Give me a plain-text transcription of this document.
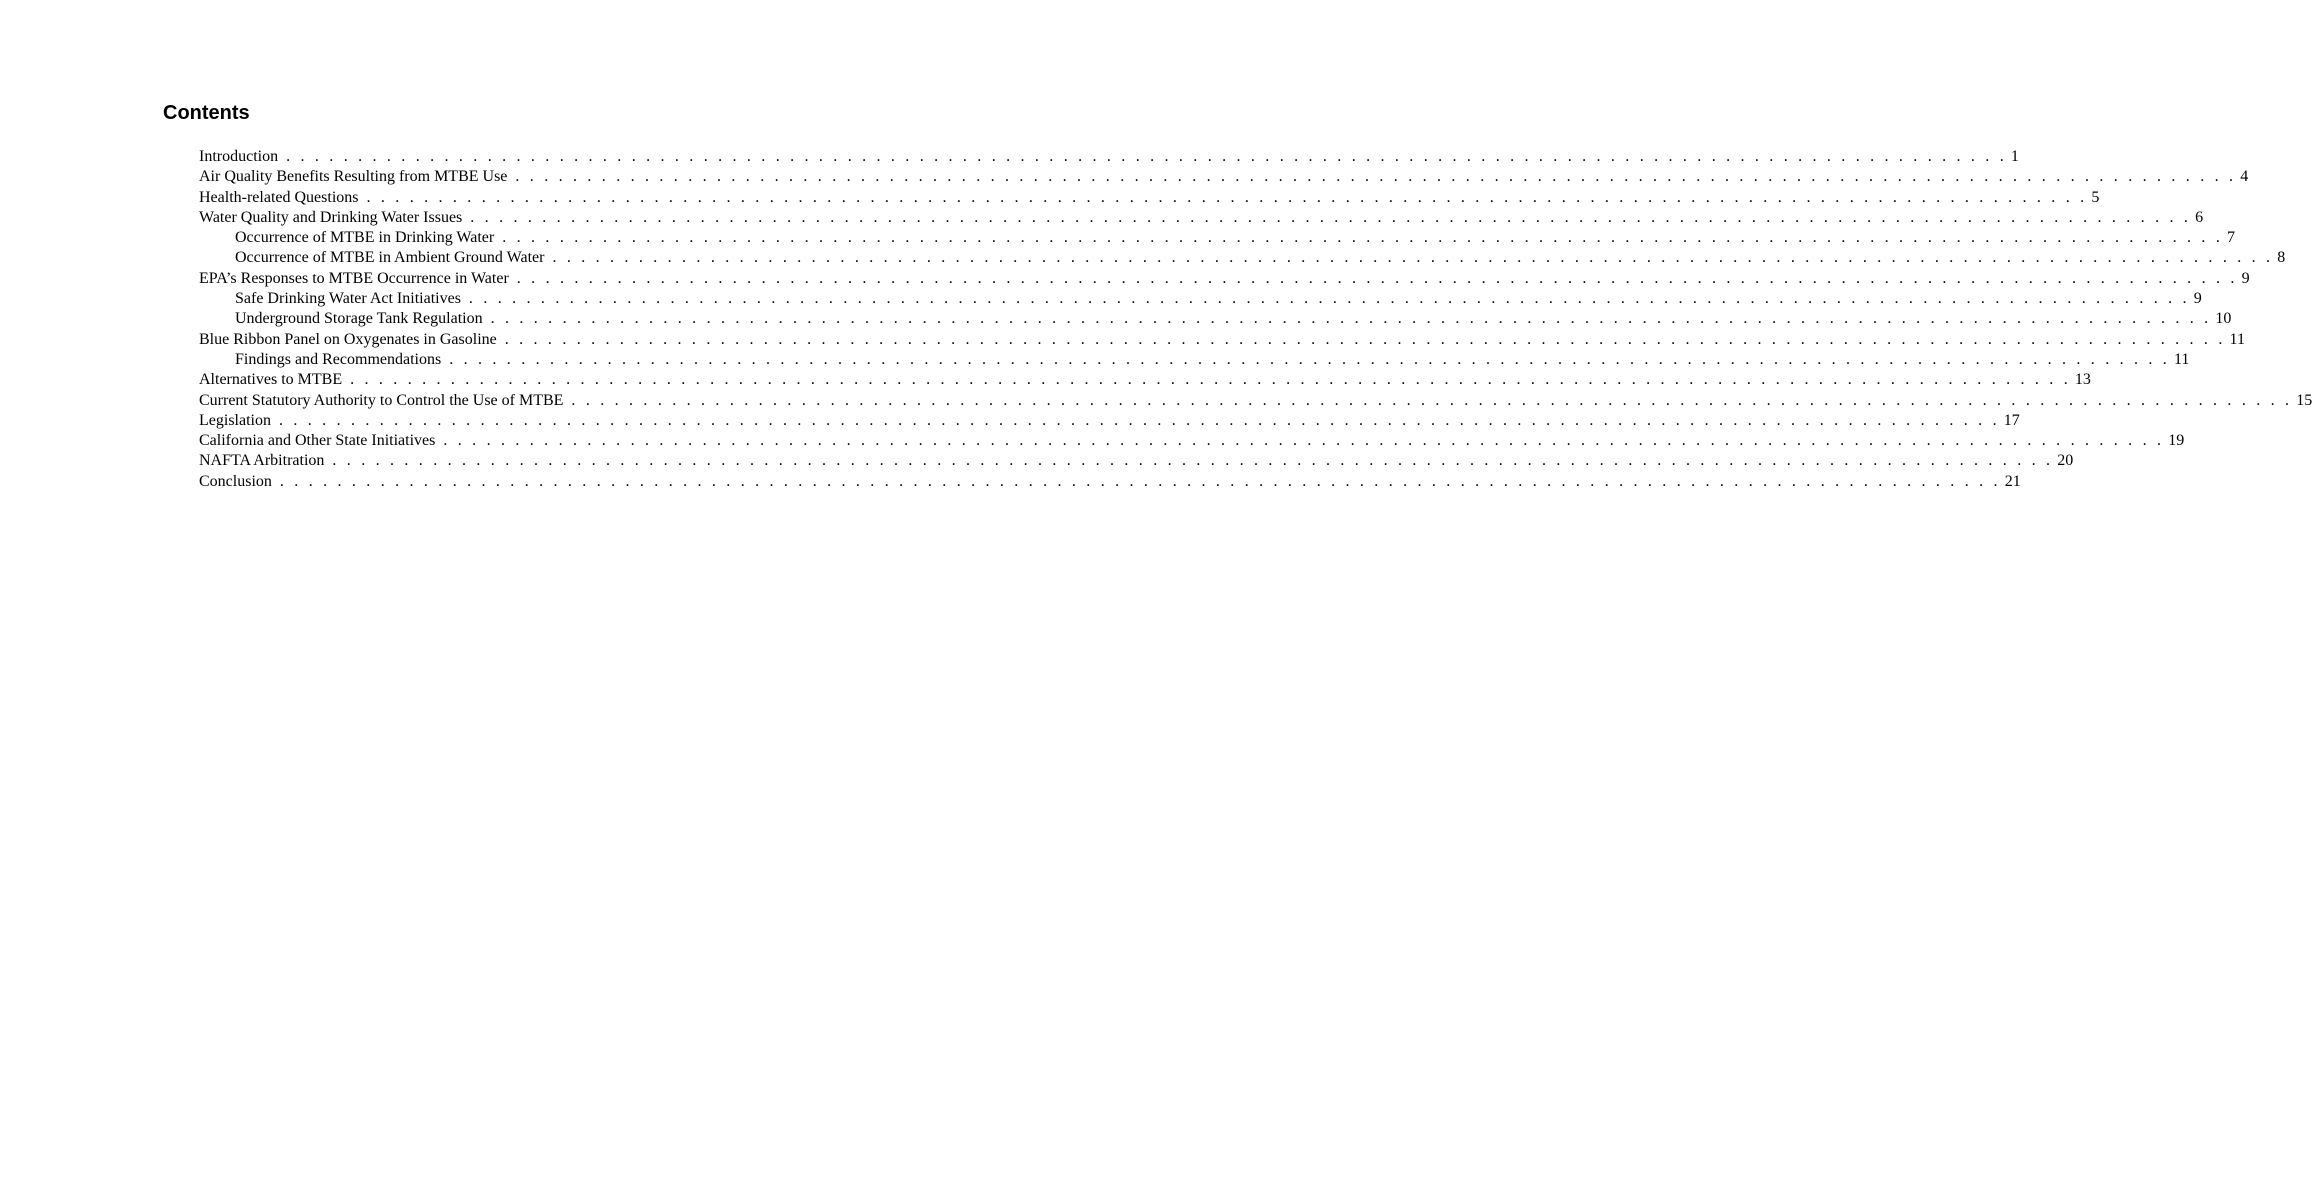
Contents
Introduction . . . . . . . . . . . . . . . . . . . . . . . . . . . . . . . . . . . . . . . . . . . . . . . . . . . . . . . . . . . . . . . . . . . . . . . . . . . . . . . . . . . . . . . . . . . . . . . . . . . . . . . . . . . . . . . . . . . . . . . . 1
Air Quality Benefits Resulting from MTBE Use . . . . . . . . . . . . . . . . . . . . . . . . . . . . . . . . . . . . . . . . . . . . . . . . . . . . . . . . . . . . . . . . . . . . . . . . . . . . . . . . . . . . . . . . . . . . . . . . . . . . . . . . . . . . . . . . . . . . . . . . 4
Health-related Questions . . . . . . . . . . . . . . . . . . . . . . . . . . . . . . . . . . . . . . . . . . . . . . . . . . . . . . . . . . . . . . . . . . . . . . . . . . . . . . . . . . . . . . . . . . . . . . . . . . . . . . . . . . . . . . . . . . . . . . . . 5
Water Quality and Drinking Water Issues . . . . . . . . . . . . . . . . . . . . . . . . . . . . . . . . . . . . . . . . . . . . . . . . . . . . . . . . . . . . . . . . . . . . . . . . . . . . . . . . . . . . . . . . . . . . . . . . . . . . . . . . . . . . . . . . . . . . . . . . 6
Occurrence of MTBE in Drinking Water . . . . . . . . . . . . . . . . . . . . . . . . . . . . . . . . . . . . . . . . . . . . . . . . . . . . . . . . . . . . . . . . . . . . . . . . . . . . . . . . . . . . . . . . . . . . . . . . . . . . . . . . . . . . . . . . . . . . . . . . 7
Occurrence of MTBE in Ambient Ground Water . . . . . . . . . . . . . . . . . . . . . . . . . . . . . . . . . . . . . . . . . . . . . . . . . . . . . . . . . . . . . . . . . . . . . . . . . . . . . . . . . . . . . . . . . . . . . . . . . . . . . . . . . . . . . . . . . . . . . . . . 8
EPA’s Responses to MTBE Occurrence in Water . . . . . . . . . . . . . . . . . . . . . . . . . . . . . . . . . . . . . . . . . . . . . . . . . . . . . . . . . . . . . . . . . . . . . . . . . . . . . . . . . . . . . . . . . . . . . . . . . . . . . . . . . . . . . . . . . . . . . . . . 9
Safe Drinking Water Act Initiatives . . . . . . . . . . . . . . . . . . . . . . . . . . . . . . . . . . . . . . . . . . . . . . . . . . . . . . . . . . . . . . . . . . . . . . . . . . . . . . . . . . . . . . . . . . . . . . . . . . . . . . . . . . . . . . . . . . . . . . . . 9
Underground Storage Tank Regulation . . . . . . . . . . . . . . . . . . . . . . . . . . . . . . . . . . . . . . . . . . . . . . . . . . . . . . . . . . . . . . . . . . . . . . . . . . . . . . . . . . . . . . . . . . . . . . . . . . . . . . . . . . . . . . . . . . . . . . . . 10
Blue Ribbon Panel on Oxygenates in Gasoline . . . . . . . . . . . . . . . . . . . . . . . . . . . . . . . . . . . . . . . . . . . . . . . . . . . . . . . . . . . . . . . . . . . . . . . . . . . . . . . . . . . . . . . . . . . . . . . . . . . . . . . . . . . . . . . . . . . . . . . . 11
Findings and Recommendations . . . . . . . . . . . . . . . . . . . . . . . . . . . . . . . . . . . . . . . . . . . . . . . . . . . . . . . . . . . . . . . . . . . . . . . . . . . . . . . . . . . . . . . . . . . . . . . . . . . . . . . . . . . . . . . . . . . . . . . . 11
Alternatives to MTBE . . . . . . . . . . . . . . . . . . . . . . . . . . . . . . . . . . . . . . . . . . . . . . . . . . . . . . . . . . . . . . . . . . . . . . . . . . . . . . . . . . . . . . . . . . . . . . . . . . . . . . . . . . . . . . . . . . . . . . . . 13
Current Statutory Authority to Control the Use of MTBE . . . . . . . . . . . . . . . . . . . . . . . . . . . . . . . . . . . . . . . . . . . . . . . . . . . . . . . . . . . . . . . . . . . . . . . . . . . . . . . . . . . . . . . . . . . . . . . . . . . . . . . . . . . . . . . . . . . . . . . . 15
Legislation . . . . . . . . . . . . . . . . . . . . . . . . . . . . . . . . . . . . . . . . . . . . . . . . . . . . . . . . . . . . . . . . . . . . . . . . . . . . . . . . . . . . . . . . . . . . . . . . . . . . . . . . . . . . . . . . . . . . . . . . 17
California and Other State Initiatives . . . . . . . . . . . . . . . . . . . . . . . . . . . . . . . . . . . . . . . . . . . . . . . . . . . . . . . . . . . . . . . . . . . . . . . . . . . . . . . . . . . . . . . . . . . . . . . . . . . . . . . . . . . . . . . . . . . . . . . . 19
NAFTA Arbitration . . . . . . . . . . . . . . . . . . . . . . . . . . . . . . . . . . . . . . . . . . . . . . . . . . . . . . . . . . . . . . . . . . . . . . . . . . . . . . . . . . . . . . . . . . . . . . . . . . . . . . . . . . . . . . . . . . . . . . . . 20
Conclusion . . . . . . . . . . . . . . . . . . . . . . . . . . . . . . . . . . . . . . . . . . . . . . . . . . . . . . . . . . . . . . . . . . . . . . . . . . . . . . . . . . . . . . . . . . . . . . . . . . . . . . . . . . . . . . . . . . . . . . . . 21
